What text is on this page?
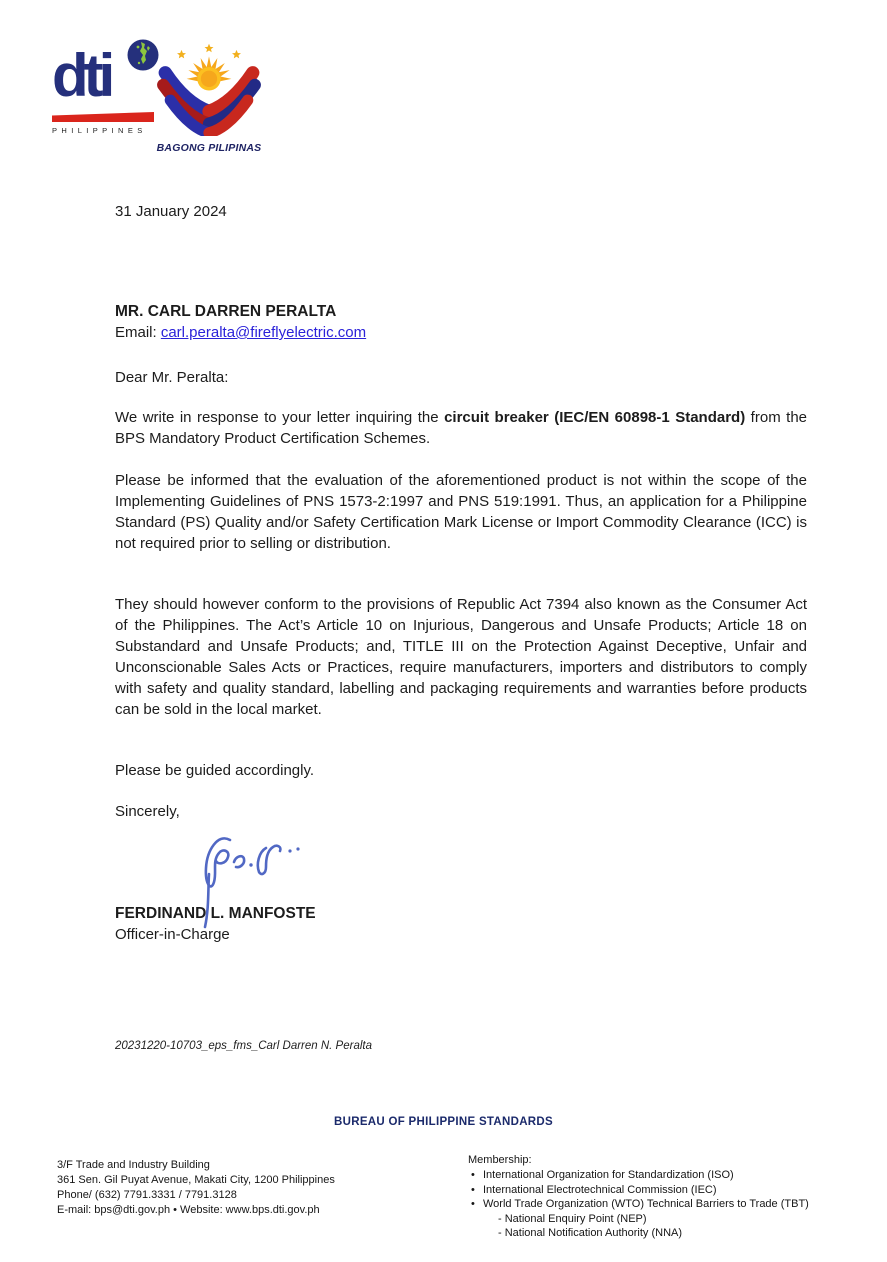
dti
PHILIPPINES
BAGONG PILIPINAS
31 January 2024
MR. CARL DARREN PERALTA
Email: carl.peralta@fireflyelectric.com
Dear Mr. Peralta:

We write in response to your letter inquiring the circuit breaker (IEC/EN 60898-1 Standard) from the BPS Mandatory Product Certification Schemes.

Please be informed that the evaluation of the aforementioned product is not within the scope of the Implementing Guidelines of PNS 1573-2:1997 and PNS 519:1991. Thus, an application for a Philippine Standard (PS) Quality and/or Safety Certification Mark License or Import Commodity Clearance (ICC) is not required prior to selling or distribution.

They should however conform to the provisions of Republic Act 7394 also known as the Consumer Act of the Philippines. The Act’s Article 10 on Injurious, Dangerous and Unsafe Products; Article 18 on Substandard and Unsafe Products; and, TITLE III on the Protection Against Deceptive, Unfair and Unconscionable Sales Acts or Practices, require manufacturers, importers and distributors to comply with safety and quality standard, labelling and packaging requirements and warranties before products can be sold in the local market.

Please be guided accordingly.
Sincerely,
FERDINAND L. MANFOSTE
Officer-in-Charge
20231220-10703_eps_fms_Carl Darren N. Peralta
BUREAU OF PHILIPPINE STANDARDS
3/F Trade and Industry Building
361 Sen. Gil Puyat Avenue, Makati City, 1200 Philippines
Phone/ (632) 7791.3331 / 7791.3128
E-mail: bps@dti.gov.ph • Website: www.bps.dti.gov.ph
Membership:
• International Organization for Standardization (ISO)
• International Electrotechnical Commission (IEC)
• World Trade Organization (WTO) Technical Barriers to Trade (TBT)
- National Enquiry Point (NEP)
- National Notification Authority (NNA)
